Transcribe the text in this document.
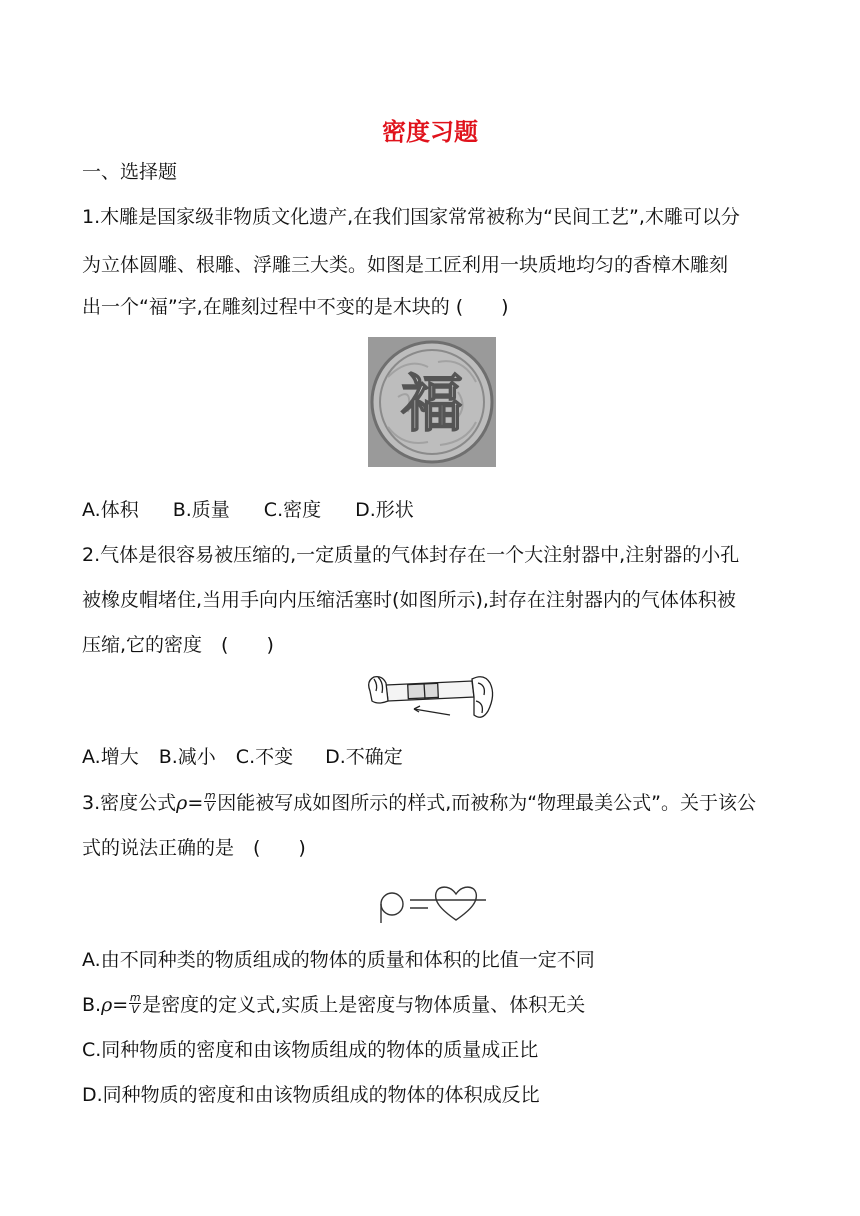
密度习题
一、选择题
1.木雕是国家级非物质文化遗产,在我们国家常常被称为“民间工艺”,木雕可以分
为立体圆雕、根雕、浮雕三大类。如图是工匠利用一块质地均匀的香樟木雕刻
出一个“福”字,在雕刻过程中不变的是木块的 (　　)
福
A.体积 B.质量 C.密度 D.形状
2.气体是很容易被压缩的,一定质量的气体封存在一个大注射器中,注射器的小孔
被橡皮帽堵住,当用手向内压缩活塞时(如图所示),封存在注射器内的气体体积被
压缩,它的密度　(　　)
A.增大 B.减小 C.不变 D.不确定
3.密度公式$\rho= \frac{m}{V}$ 因能被写成如图所示的样式,而被称为“物理最美公式”。关于该公
式的说法正确的是　(　　)
A.由不同种类的物质组成的物体的质量和体积的比值一定不同
$B.\rho= \frac{m}{V}$ 是密度的定义式,实质上是密度与物体质量、体积无关
C.同种物质的密度和由该物质组成的物体的质量成正比
D.同种物质的密度和由该物质组成的物体的体积成反比
